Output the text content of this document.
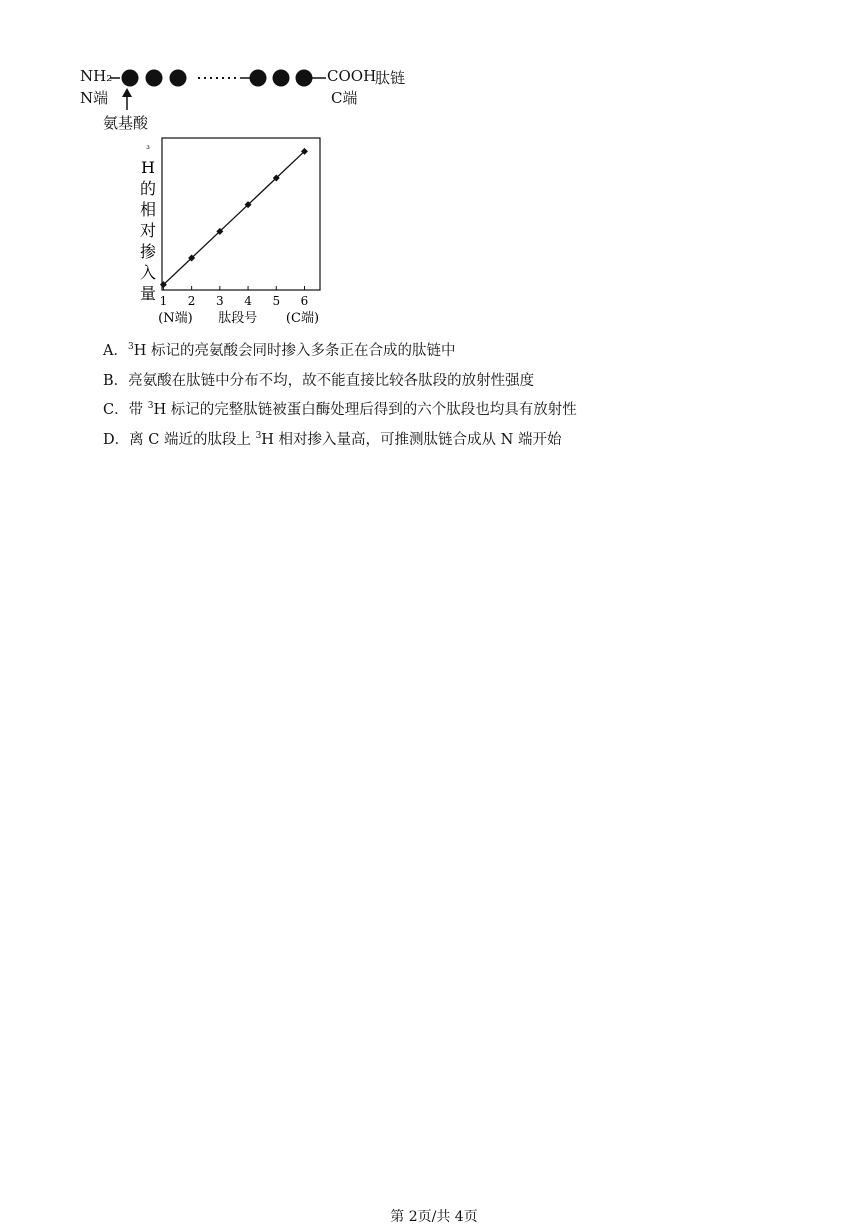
NH₂
N端
COOH
肽链
C端
氨基酸
³ H 的相对掺入量 1 2 3 4 5 6
(N端) 肽段号 (C端)
A．$^3$H 标记的亮氨酸会同时掺入多条正在合成的肽链中
B．亮氨酸在肽链中分布不均，故不能直接比较各肽段的放射性强度
C．带 $^3$H 标记的完整肽链被蛋白酶处理后得到的六个肽段也均具有放射性
D．离 C 端近的肽段上 $^3$H 相对掺入量高，可推测肽链合成从 N 端开始
第 2页/共 4页
